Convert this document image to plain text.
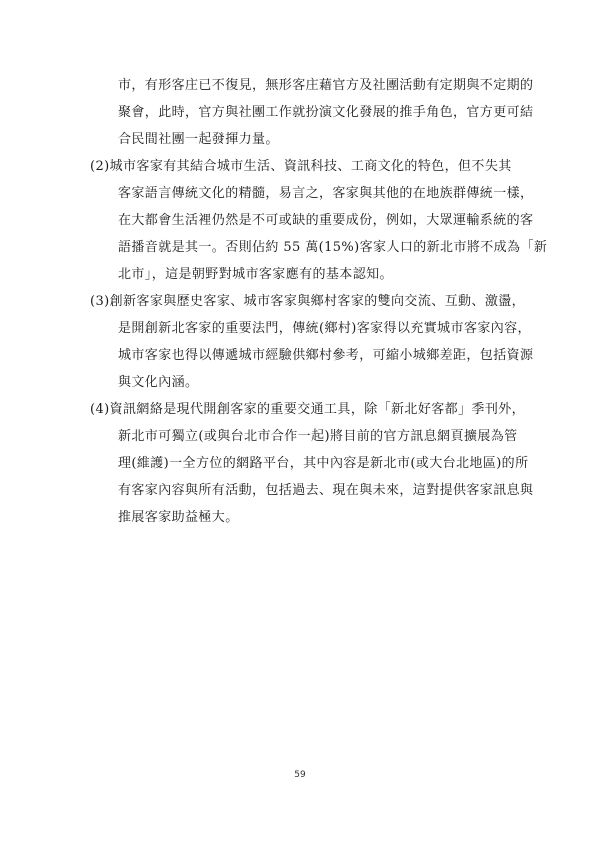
市，有形客庄已不復見，無形客庄藉官方及社團活動有定期與不定期的
聚會，此時，官方與社團工作就扮演文化發展的推手角色，官方更可結
合民間社團一起發揮力量。
(2)城市客家有其結合城市生活、資訊科技、工商文化的特色，但不失其
客家語言傳統文化的精髓，易言之，客家與其他的在地族群傳統一樣，
在大都會生活裡仍然是不可或缺的重要成份，例如，大眾運輸系統的客
語播音就是其一。否則佔約 55 萬(15%)客家人口的新北市將不成為「新
北市」，這是朝野對城市客家應有的基本認知。
(3)創新客家與歷史客家、城市客家與鄉村客家的雙向交流、互動、激盪，
是開創新北客家的重要法門，傳統(鄉村)客家得以充實城市客家內容，
城市客家也得以傳遞城市經驗供鄉村參考，可縮小城鄉差距，包括資源
與文化內涵。
(4)資訊網絡是現代開創客家的重要交通工具，除「新北好客都」季刊外，
新北市可獨立(或與台北市合作一起)將目前的官方訊息網頁擴展為管
理(維護)一全方位的網路平台，其中內容是新北市(或大台北地區)的所
有客家內容與所有活動，包括過去、現在與未來，這對提供客家訊息與
推展客家助益極大。
59
